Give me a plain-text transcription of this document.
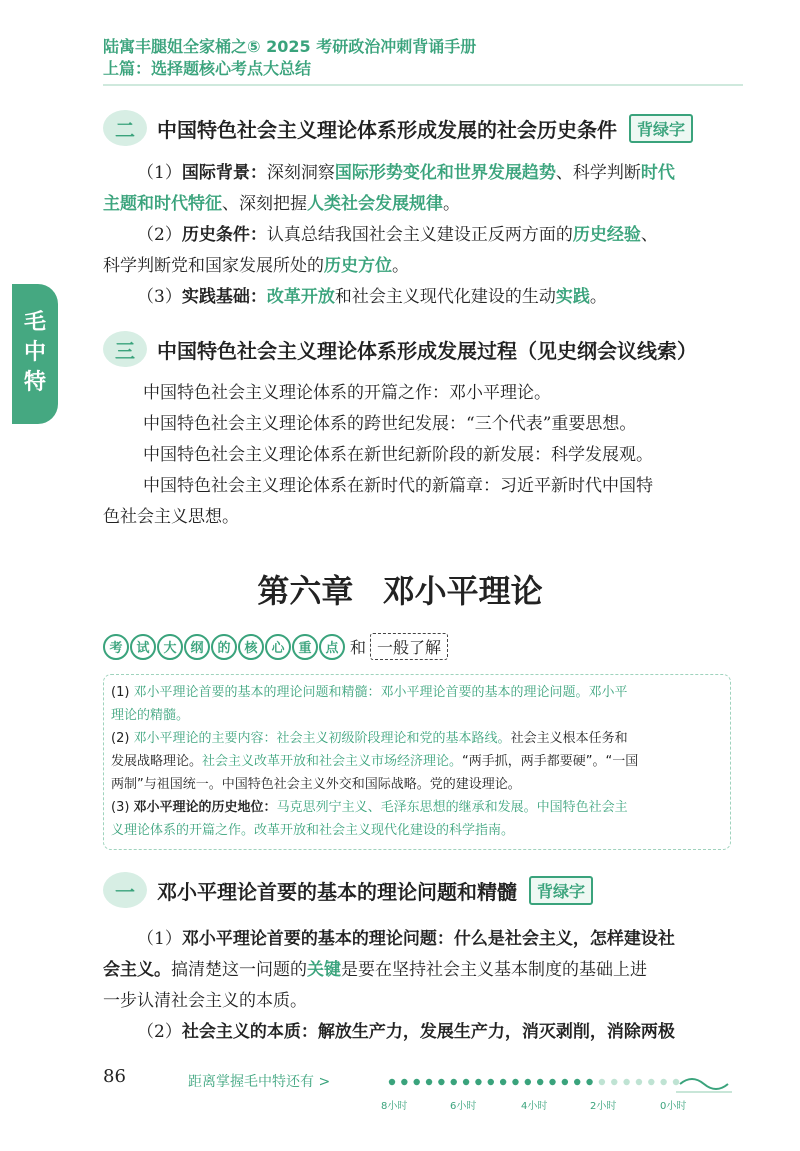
陆寓丰腿姐全家桶之⑤ 2025 考研政治冲刺背诵手册
上篇：选择题核心考点大总结
毛
中
特
二	中国特色社会主义理论体系形成发展的社会历史条件	背绿字
（1）国际背景：深刻洞察国际形势变化和世界发展趋势、科学判断时代
主题和时代特征、深刻把握人类社会发展规律。
（2）历史条件：认真总结我国社会主义建设正反两方面的历史经验、
科学判断党和国家发展所处的历史方位。
（3）实践基础：改革开放和社会主义现代化建设的生动实践。
三	中国特色社会主义理论体系形成发展过程（见史纲会议线索）
中国特色社会主义理论体系的开篇之作：邓小平理论。
中国特色社会主义理论体系的跨世纪发展：“三个代表”重要思想。
中国特色社会主义理论体系在新世纪新阶段的新发展：科学发展观。
中国特色社会主义理论体系在新时代的新篇章：习近平新时代中国特
色社会主义思想。
第六章 邓小平理论
考	试	大	纲	的	核	心	重	点 和 一般了解
(1) 邓小平理论首要的基本的理论问题和精髓：邓小平理论首要的基本的理论问题。邓小平
理论的精髓。
(2) 邓小平理论的主要内容：社会主义初级阶段理论和党的基本路线。社会主义根本任务和
发展战略理论。社会主义改革开放和社会主义市场经济理论。“两手抓，两手都要硬”。“一国
两制”与祖国统一。中国特色社会主义外交和国际战略。党的建设理论。
(3) 邓小平理论的历史地位：马克思列宁主义、毛泽东思想的继承和发展。中国特色社会主
义理论体系的开篇之作。改革开放和社会主义现代化建设的科学指南。
一	邓小平理论首要的基本的理论问题和精髓	背绿字
（1）邓小平理论首要的基本的理论问题：什么是社会主义，怎样建设社
会主义。搞清楚这一问题的关键是要在坚持社会主义基本制度的基础上进
一步认清社会主义的本质。
（2）社会主义的本质：解放生产力，发展生产力，消灭剥削，消除两极
86	距离掌握毛中特还有 >
8小时	6小时	4小时	2小时	0小时
